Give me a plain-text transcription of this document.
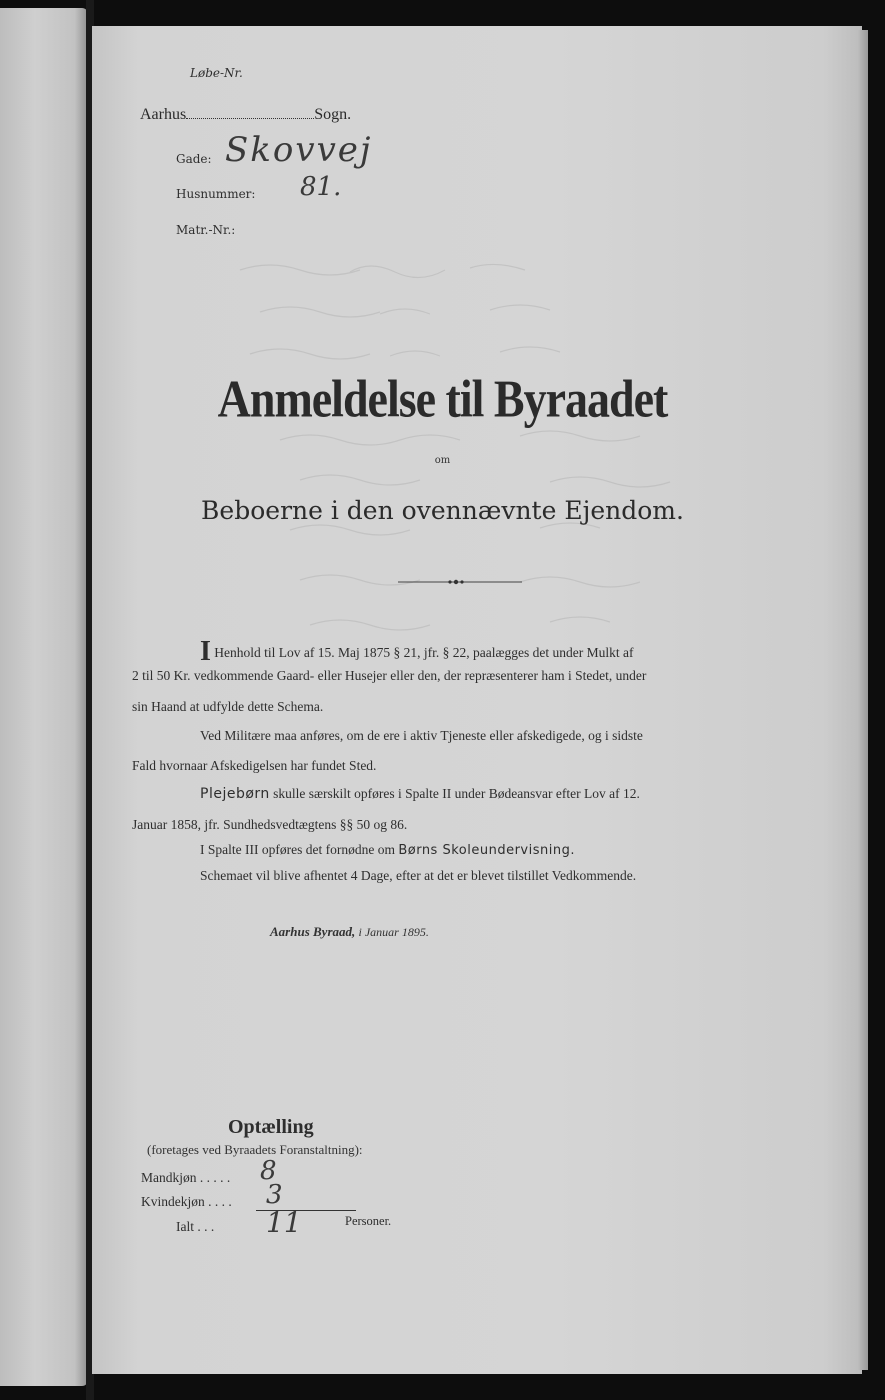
Løbe-Nr.
Aarhus	Sogn.
Gade: Skovvej
Husnummer: 81.
Matr.-Nr.:
Anmeldelse til Byraadet
om
Beboerne i den ovennævnte Ejendom.
I Henhold til Lov af 15. Maj 1875 § 21, jfr. § 22, paalægges det under Mulkt af
2 til 50 Kr. vedkommende Gaard- eller Husejer eller den, der repræsenterer ham i Stedet, under
sin Haand at udfylde dette Schema.
Ved Militære maa anføres, om de ere i aktiv Tjeneste eller afskedigede, og i sidste
Fald hvornaar Afskedigelsen har fundet Sted.
Plejebørn skulle særskilt opføres i Spalte II under Bødeansvar efter Lov af 12.
Januar 1858, jfr. Sundhedsvedtægtens §§ 50 og 86.
I Spalte III opføres det fornødne om Børns Skoleundervisning.
Schemaet vil blive afhentet 4 Dage, efter at det er blevet tilstillet Vedkommende.
Aarhus Byraad, i Januar 1895.
Optælling
(foretages ved Byraadets Foranstaltning):
Mandkjøn . . . . . 8
Kvindekjøn . . . . 3
Ialt . . . 11	Personer.
